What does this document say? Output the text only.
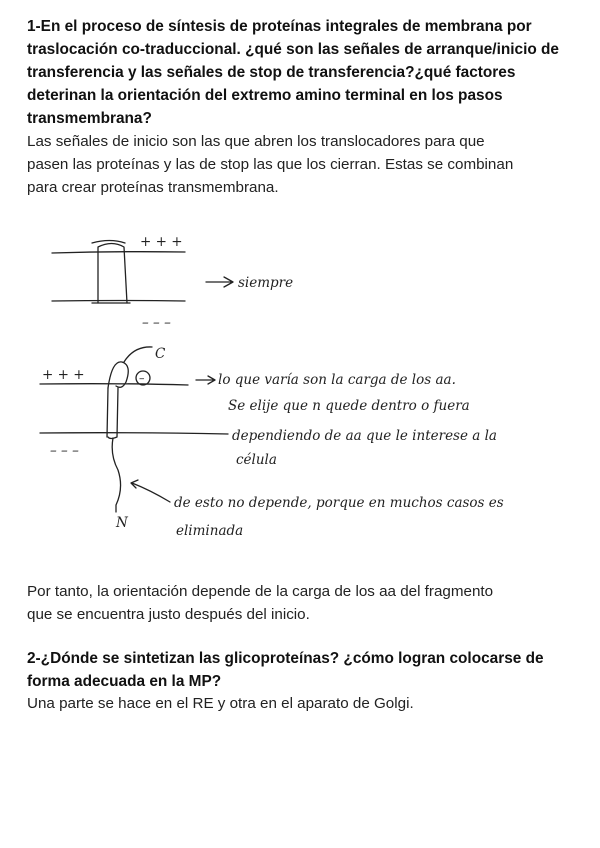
1-En el proceso de síntesis de proteínas integrales de membrana por
traslocación co-traduccional. ¿qué son las señales de arranque/inicio de
transferencia y las señales de stop de transferencia?¿qué factores
deterinan la orientación del extremo amino terminal en los pasos
transmembrana?
Las señales de inicio son las que abren los translocadores para que
pasen las proteínas y las de stop las que los cierran. Estas se combinan
para crear proteínas transmembrana.
+ + +
– – –
siempre
–
C
+ + +
– – –
N
lo que varía son la carga de los aa.
Se elije que n quede dentro o fuera
dependiendo de aa que le interese a la
célula
de esto no depende, porque en muchos casos es
eliminada
Por tanto, la orientación depende de la carga de los aa del fragmento
que se encuentra justo después del inicio.
2-¿Dónde se sintetizan las glicoproteínas? ¿cómo logran colocarse de
forma adecuada en la MP?
Una parte se hace en el RE y otra en el aparato de Golgi.
